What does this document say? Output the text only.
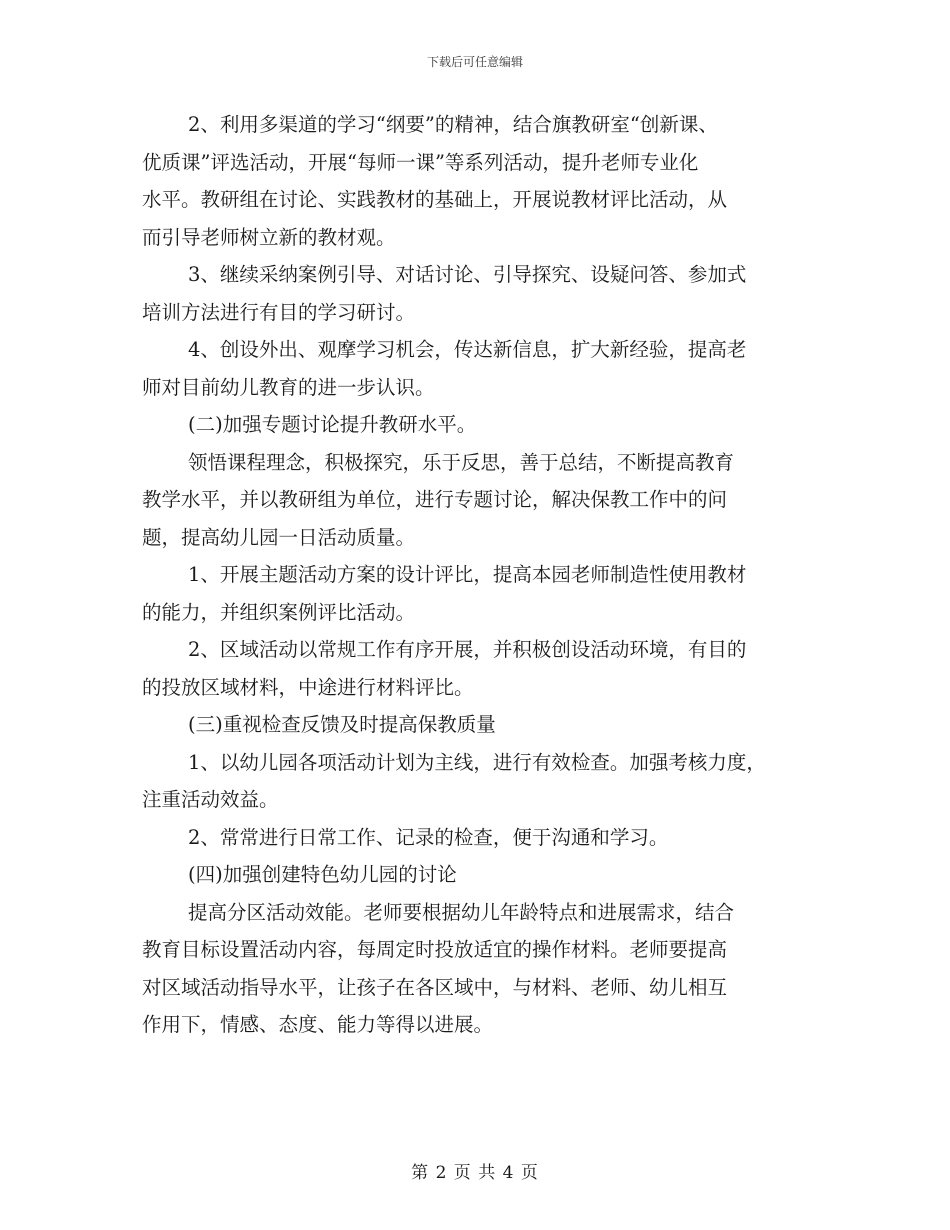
下载后可任意编辑
2、利用多渠道的学习“纲要”的精神，结合旗教研室“创新课、
优质课”评选活动，开展“每师一课”等系列活动，提升老师专业化
水平。教研组在讨论、实践教材的基础上，开展说教材评比活动，从
而引导老师树立新的教材观。
3、继续采纳案例引导、对话讨论、引导探究、设疑问答、参加式
培训方法进行有目的学习研讨。
4、创设外出、观摩学习机会，传达新信息，扩大新经验，提高老
师对目前幼儿教育的进一步认识。
(二)加强专题讨论提升教研水平。
领悟课程理念，积极探究，乐于反思，善于总结，不断提高教育
教学水平，并以教研组为单位，进行专题讨论，解决保教工作中的问
题，提高幼儿园一日活动质量。
1、开展主题活动方案的设计评比，提高本园老师制造性使用教材
的能力，并组织案例评比活动。
2、区域活动以常规工作有序开展，并积极创设活动环境，有目的
的投放区域材料，中途进行材料评比。
(三)重视检查反馈及时提高保教质量
1、以幼儿园各项活动计划为主线，进行有效检查。加强考核力度，
注重活动效益。
2、常常进行日常工作、记录的检查，便于沟通和学习。
(四)加强创建特色幼儿园的讨论
提高分区活动效能。老师要根据幼儿年龄特点和进展需求，结合
教育目标设置活动内容，每周定时投放适宜的操作材料。老师要提高
对区域活动指导水平，让孩子在各区域中，与材料、老师、幼儿相互
作用下，情感、态度、能力等得以进展。
第 2 页 共 4 页
